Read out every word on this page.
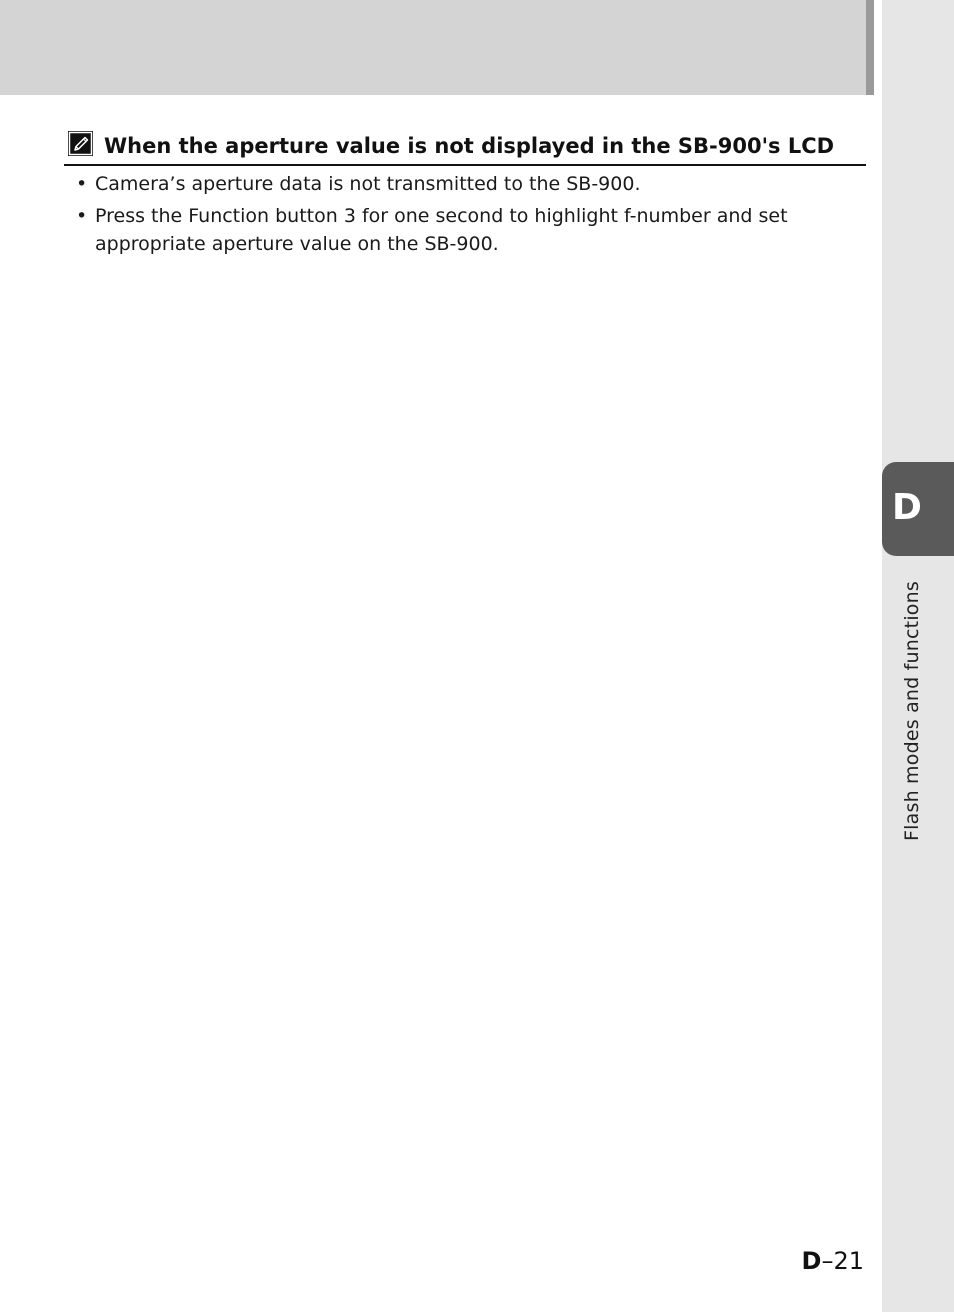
D
Flash modes and functions
When the aperture value is not displayed in the SB-900's LCD
• Camera’s aperture data is not transmitted to the SB-900.
• Press the Function button 3 for one second to highlight f-number and set appropriate aperture value on the SB-900.
D–21
